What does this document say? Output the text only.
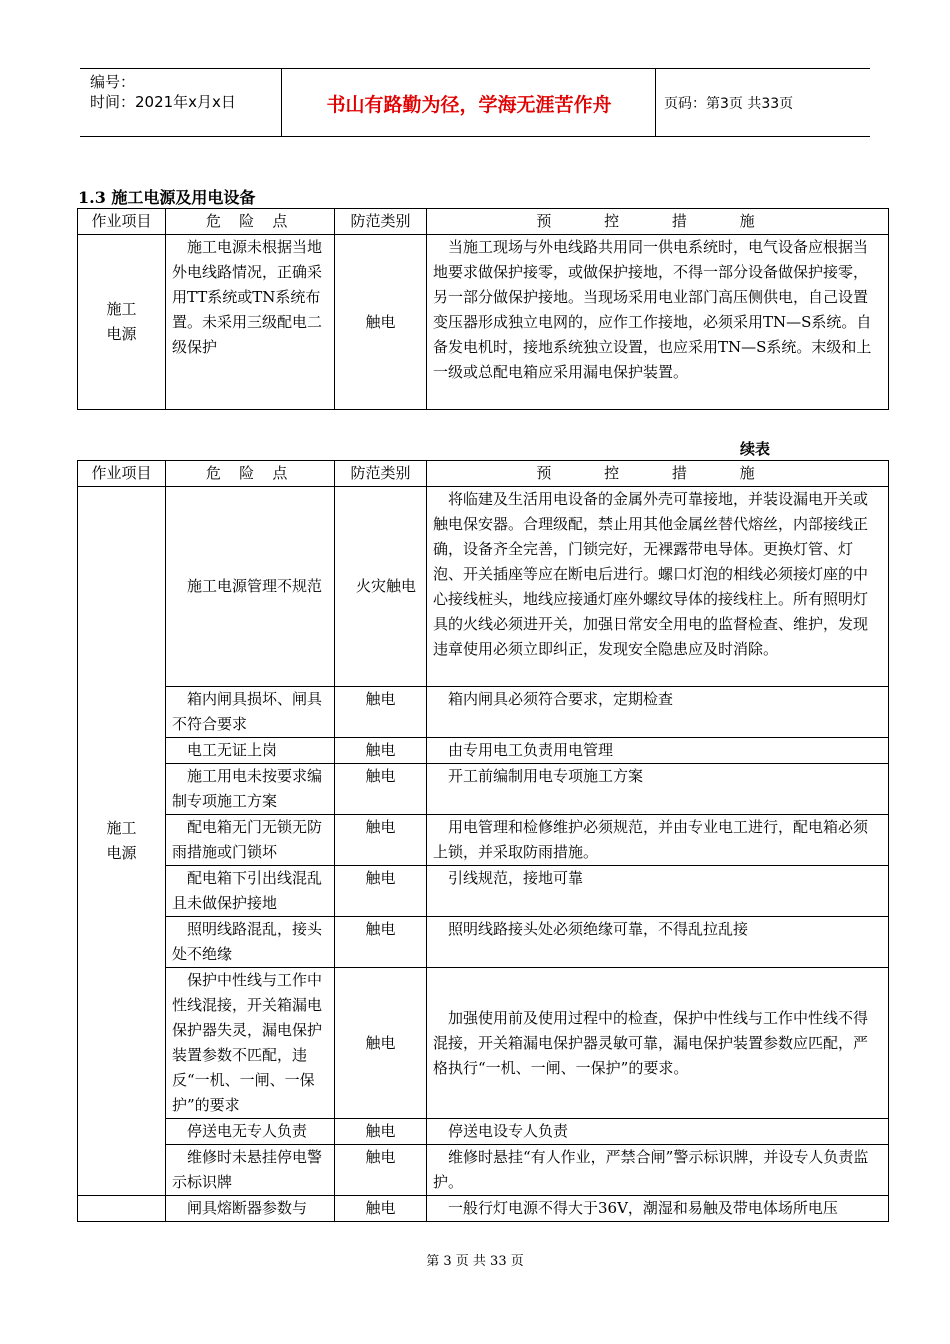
编号：
时间：2021年x月x日	书山有路勤为径，学海无涯苦作舟	页码：第3页 共33页
1.3 施工电源及用电设备
作业项目	危 险 点	防范类别	预 控 措 施

施工电源	施工电源未根据当地外电线路情况，正确采用TT系统或TN系统布置。未采用三级配电二级保护	触电	当施工现场与外电线路共用同一供电系统时，电气设备应根据当地要求做保护接零，或做保护接地，不得一部分设备做保护接零，另一部分做保护接地。当现场采用电业部门高压侧供电，自己设置变压器形成独立电网的，应作工作接地，必须采用TN—S系统。自备发电机时，接地系统独立设置，也应采用TN—S系统。末级和上一级或总配电箱应采用漏电保护装置。
续表
作业项目	危 险 点	防范类别	预 控 措 施

施工电源	施工电源管理不规范	火灾触电	将临建及生活用电设备的金属外壳可靠接地，并装设漏电开关或触电保安器。合理级配，禁止用其他金属丝替代熔丝，内部接线正确，设备齐全完善，门锁完好，无裸露带电导体。更换灯管、灯泡、开关插座等应在断电后进行。螺口灯泡的相线必须接灯座的中心接线桩头，地线应接通灯座外螺纹导体的接线柱上。所有照明灯具的火线必须进开关，加强日常安全用电的监督检查、维护，发现违章使用必须立即纠正，发现安全隐患应及时消除。
	箱内闸具损坏、闸具不符合要求	触电	箱内闸具必须符合要求，定期检查
	电工无证上岗	触电	由专用电工负责用电管理
	施工用电未按要求编制专项施工方案	触电	开工前编制用电专项施工方案
	配电箱无门无锁无防雨措施或门锁坏	触电	用电管理和检修维护必须规范，并由专业电工进行，配电箱必须上锁，并采取防雨措施。
	配电箱下引出线混乱且未做保护接地	触电	引线规范，接地可靠
	照明线路混乱，接头处不绝缘	触电	照明线路接头处必须绝缘可靠，不得乱拉乱接
	保护中性线与工作中性线混接，开关箱漏电保护器失灵，漏电保护装置参数不匹配，违反“一机、一闸、一保护”的要求	触电	加强使用前及使用过程中的检查，保护中性线与工作中性线不得混接，开关箱漏电保护器灵敏可靠，漏电保护装置参数应匹配，严格执行“一机、一闸、一保护”的要求。
	停送电无专人负责	触电	停送电设专人负责
	维修时未悬挂停电警示标识牌	触电	维修时悬挂“有人作业，严禁合闸”警示标识牌，并设专人负责监护。
	闸具熔断器参数与	触电	一般行灯电源不得大于36V，潮湿和易触及带电体场所电压
第 3 页 共 33 页
